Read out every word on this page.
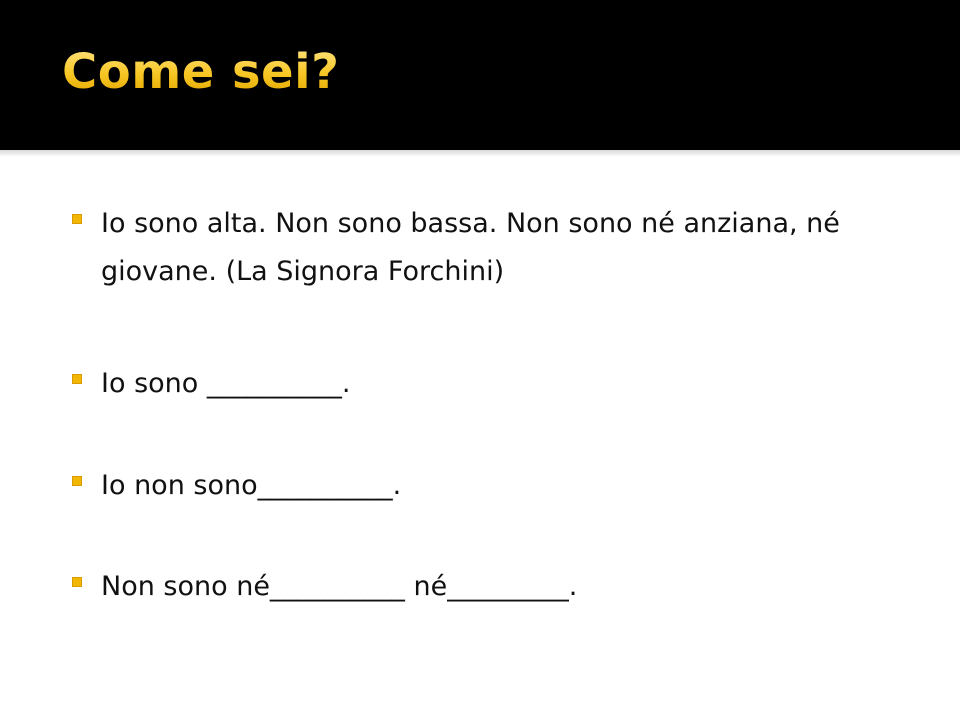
Come sei?
Io sono alta. Non sono bassa. Non sono né anziana, né giovane. (La Signora Forchini)
Io sono __________.
Io non sono__________.
Non sono né__________ né_________.
